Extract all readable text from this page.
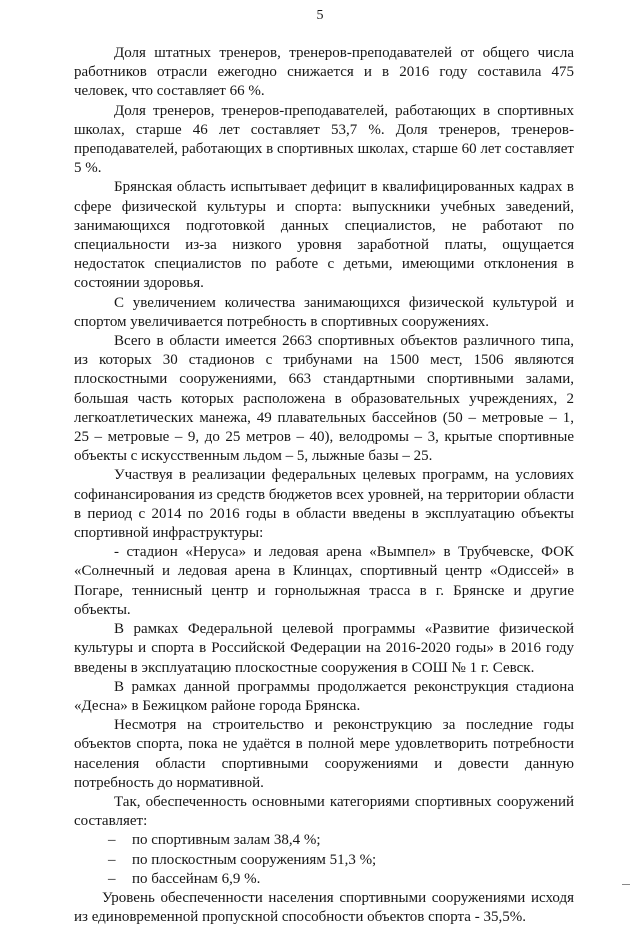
5

Доля штатных тренеров, тренеров-преподавателей от общего числа работников отрасли ежегодно снижается и в 2016 году составила 475 человек, что составляет 66 %.

Доля тренеров, тренеров-преподавателей, работающих в спортивных школах, старше 46 лет составляет 53,7 %. Доля тренеров, тренеров-преподавателей, работающих в спортивных школах, старше 60 лет составляет 5 %.

Брянская область испытывает дефицит в квалифицированных кадрах в сфере физической культуры и спорта: выпускники учебных заведений, занимающихся подготовкой данных специалистов, не работают по специальности из-за низкого уровня заработной платы, ощущается недостаток специалистов по работе с детьми, имеющими отклонения в состоянии здоровья.

С увеличением количества занимающихся физической культурой и спортом увеличивается потребность в спортивных сооружениях.

Всего в области имеется 2663 спортивных объектов различного типа, из которых 30 стадионов с трибунами на 1500 мест, 1506 являются плоскостными сооружениями, 663 стандартными спортивными залами, большая часть которых расположена в образовательных учреждениях, 2 легкоатлетических манежа, 49 плавательных бассейнов (50 – метровые – 1, 25 – метровые – 9, до 25 метров – 40), велодромы – 3, крытые спортивные объекты с искусственным льдом – 5, лыжные базы – 25.

Участвуя в реализации федеральных целевых программ, на условиях софинансирования из средств бюджетов всех уровней, на территории области в период с 2014 по 2016 годы в области введены в эксплуатацию объекты спортивной инфраструктуры:

- стадион «Неруса» и ледовая арена «Вымпел» в Трубчевске, ФОК «Солнечный и ледовая арена в Клинцах, спортивный центр «Одиссей» в Погаре, теннисный центр и горнолыжная трасса в г. Брянске и другие объекты.

В рамках Федеральной целевой программы «Развитие физической культуры и спорта в Российской Федерации на 2016-2020 годы» в 2016 году введены в эксплуатацию плоскостные сооружения в СОШ № 1 г. Севск.

В рамках данной программы продолжается реконструкция стадиона «Десна» в Бежицком районе города Брянска.

Несмотря на строительство и реконструкцию за последние годы объектов спорта, пока не удаётся в полной мере удовлетворить потребности населения области спортивными сооружениями и довести данную потребность до нормативной.

Так, обеспеченность основными категориями спортивных сооружений составляет:

– по спортивным залам 38,4 %;
– по плоскостным сооружениям 51,3 %;
– по бассейнам 6,9 %.

Уровень обеспеченности населения спортивными сооружениями исходя из единовременной пропускной способности объектов спорта - 35,5%.
